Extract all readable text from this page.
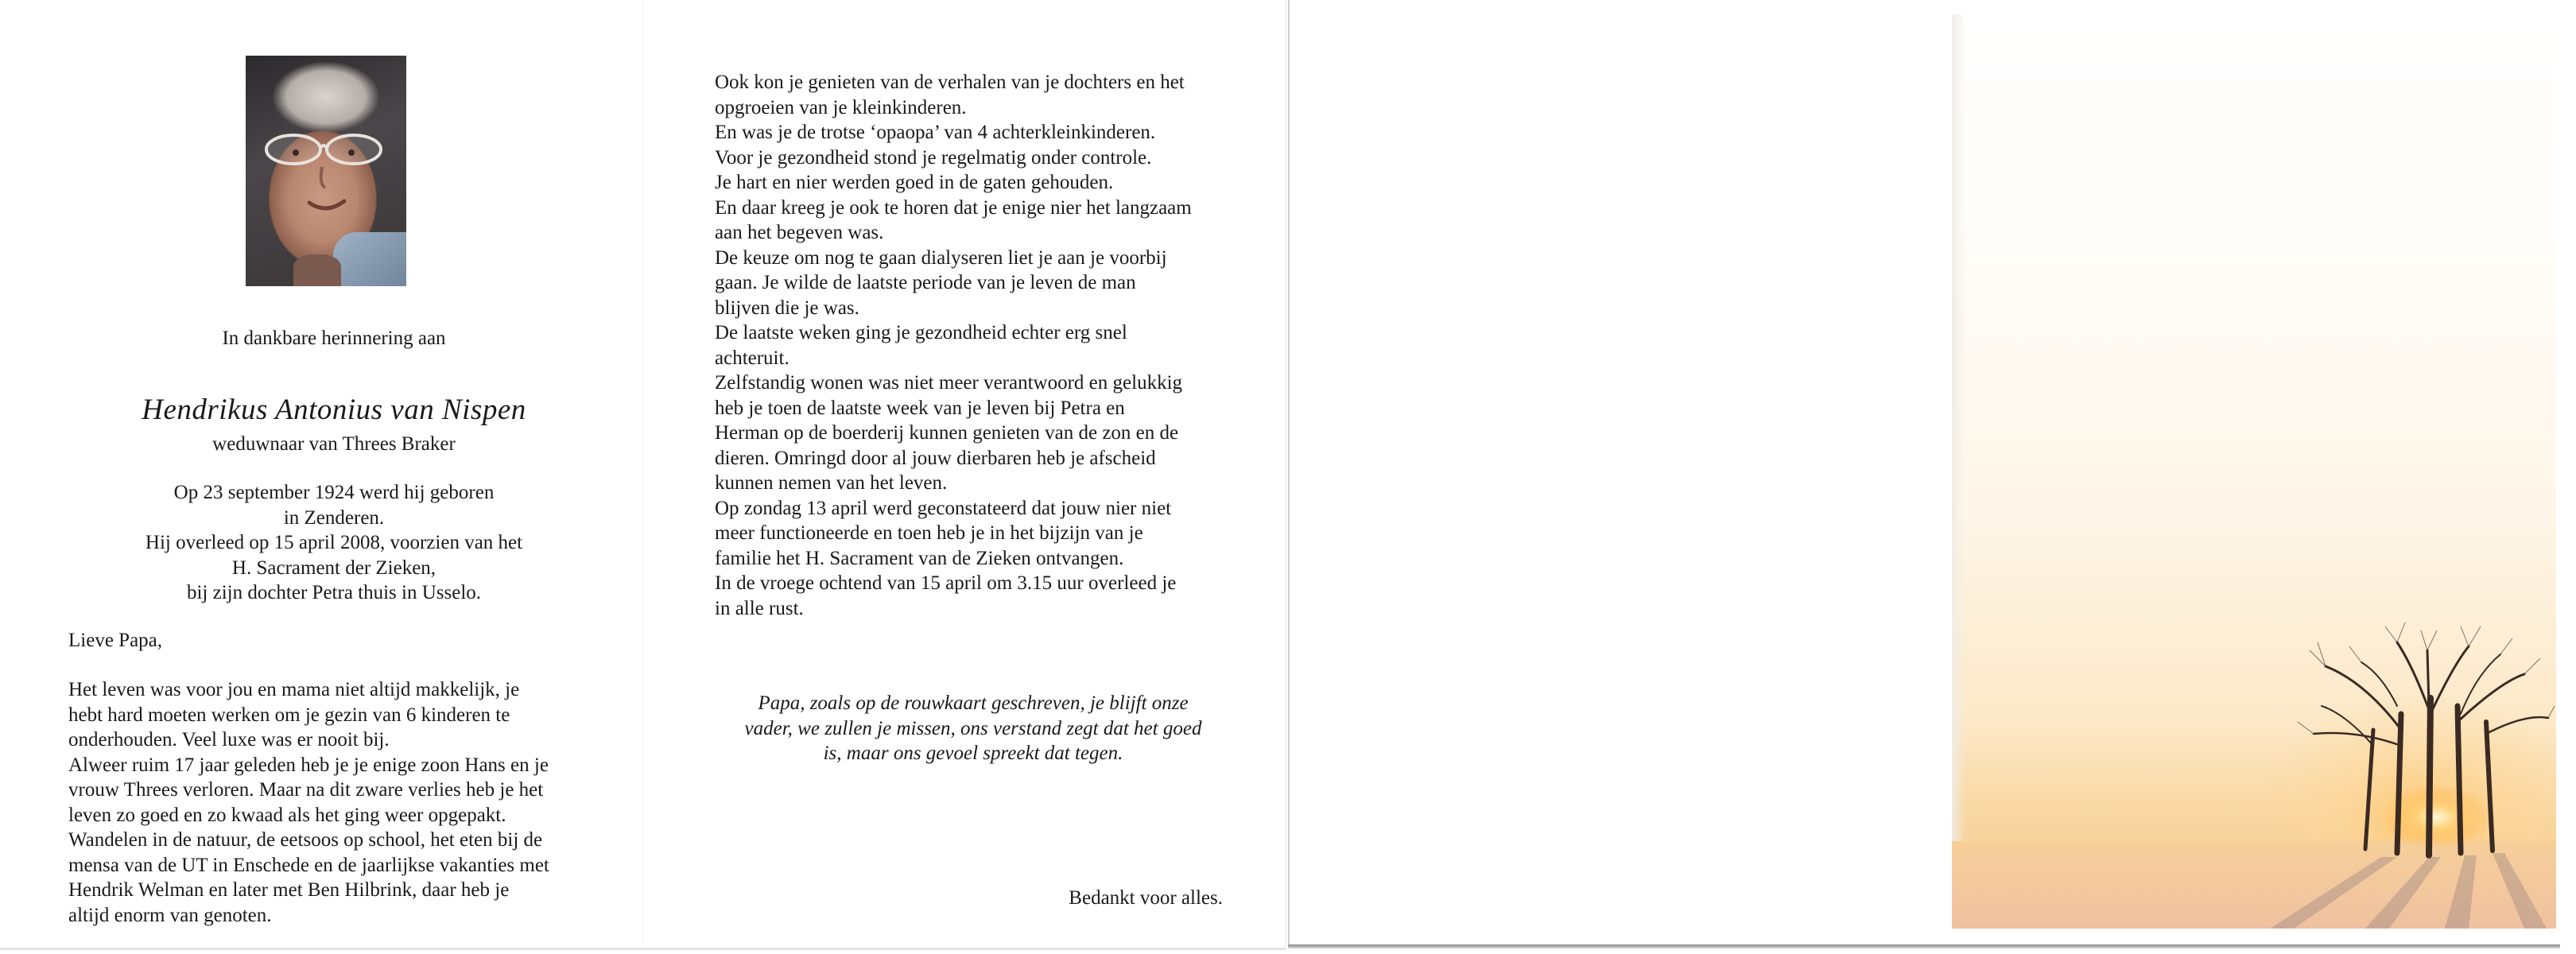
In dankbare herinnering aan
Hendrikus Antonius van Nispen
weduwnaar van Threes Braker
Op 23 september 1924 werd hij geboren
in Zenderen.
Hij overleed op 15 april 2008, voorzien van het
H. Sacrament der Zieken,
bij zijn dochter Petra thuis in Usselo.
Lieve Papa,
Het leven was voor jou en mama niet altijd makkelijk, je
hebt hard moeten werken om je gezin van 6 kinderen te
onderhouden. Veel luxe was er nooit bij.
Alweer ruim 17 jaar geleden heb je je enige zoon Hans en je
vrouw Threes verloren. Maar na dit zware verlies heb je het
leven zo goed en zo kwaad als het ging weer opgepakt.
Wandelen in de natuur, de eetsoos op school, het eten bij de
mensa van de UT in Enschede en de jaarlijkse vakanties met
Hendrik Welman en later met Ben Hilbrink, daar heb je
altijd enorm van genoten.
Ook kon je genieten van de verhalen van je dochters en het
opgroeien van je kleinkinderen.
En was je de trotse ‘opaopa’ van 4 achterkleinkinderen.
Voor je gezondheid stond je regelmatig onder controle.
Je hart en nier werden goed in de gaten gehouden.
En daar kreeg je ook te horen dat je enige nier het langzaam
aan het begeven was.
De keuze om nog te gaan dialyseren liet je aan je voorbij
gaan. Je wilde de laatste periode van je leven de man
blijven die je was.
De laatste weken ging je gezondheid echter erg snel
achteruit.
Zelfstandig wonen was niet meer verantwoord en gelukkig
heb je toen de laatste week van je leven bij Petra en
Herman op de boerderij kunnen genieten van de zon en de
dieren. Omringd door al jouw dierbaren heb je afscheid
kunnen nemen van het leven.
Op zondag 13 april werd geconstateerd dat jouw nier niet
meer functioneerde en toen heb je in het bijzijn van je
familie het H. Sacrament van de Zieken ontvangen.
In de vroege ochtend van 15 april om 3.15 uur overleed je
in alle rust.
Papa, zoals op de rouwkaart geschreven, je blijft onze
vader, we zullen je missen, ons verstand zegt dat het goed
is, maar ons gevoel spreekt dat tegen.
Bedankt voor alles.
